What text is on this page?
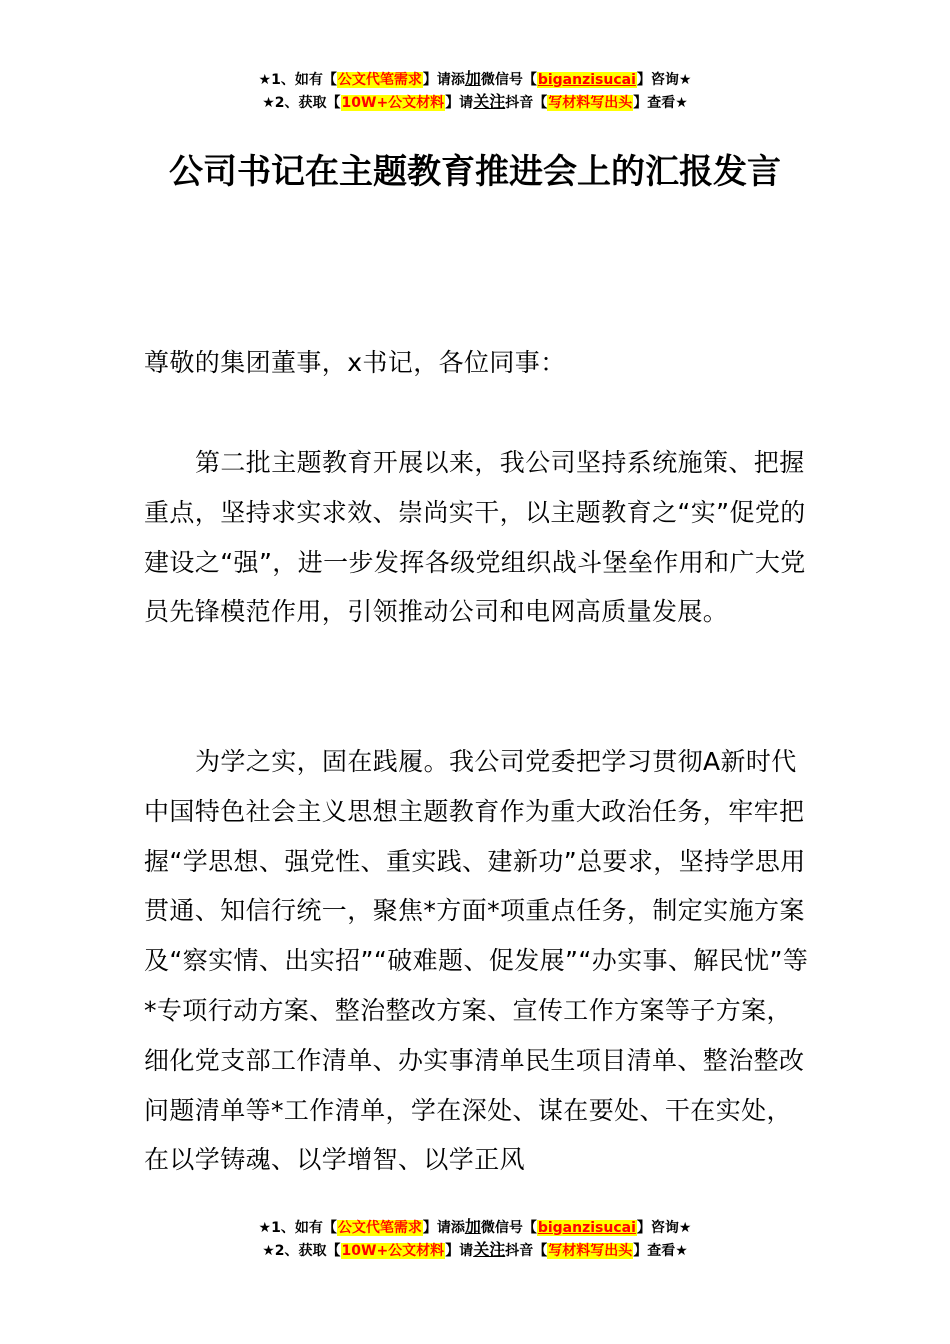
★1、如有【公文代笔需求】请添加微信号【biganzisucai】咨询★
★2、获取【10W+公文材料】请关注抖音【写材料写出头】查看★
公司书记在主题教育推进会上的汇报发言
尊敬的集团董事，x书记，各位同事：
第二批主题教育开展以来，我公司坚持系统施策、把握重点，坚持求实求效、崇尚实干，以主题教育之“实”促党的建设之“强”，进一步发挥各级党组织战斗堡垒作用和广大党员先锋模范作用，引领推动公司和电网高质量发展。
为学之实，固在践履。我公司党委把学习贯彻A新时代中国特色社会主义思想主题教育作为重大政治任务，牢牢把握“学思想、强党性、重实践、建新功”总要求，坚持学思用贯通、知信行统一，聚焦*方面*项重点任务，制定实施方案及“察实情、出实招”“破难题、促发展”“办实事、解民忧”等*专项行动方案、整治整改方案、宣传工作方案等子方案，细化党支部工作清单、办实事清单民生项目清单、整治整改问题清单等*工作清单，学在深处、谋在要处、干在实处，在以学铸魂、以学增智、以学正风
★1、如有【公文代笔需求】请添加微信号【biganzisucai】咨询★
★2、获取【10W+公文材料】请关注抖音【写材料写出头】查看★
